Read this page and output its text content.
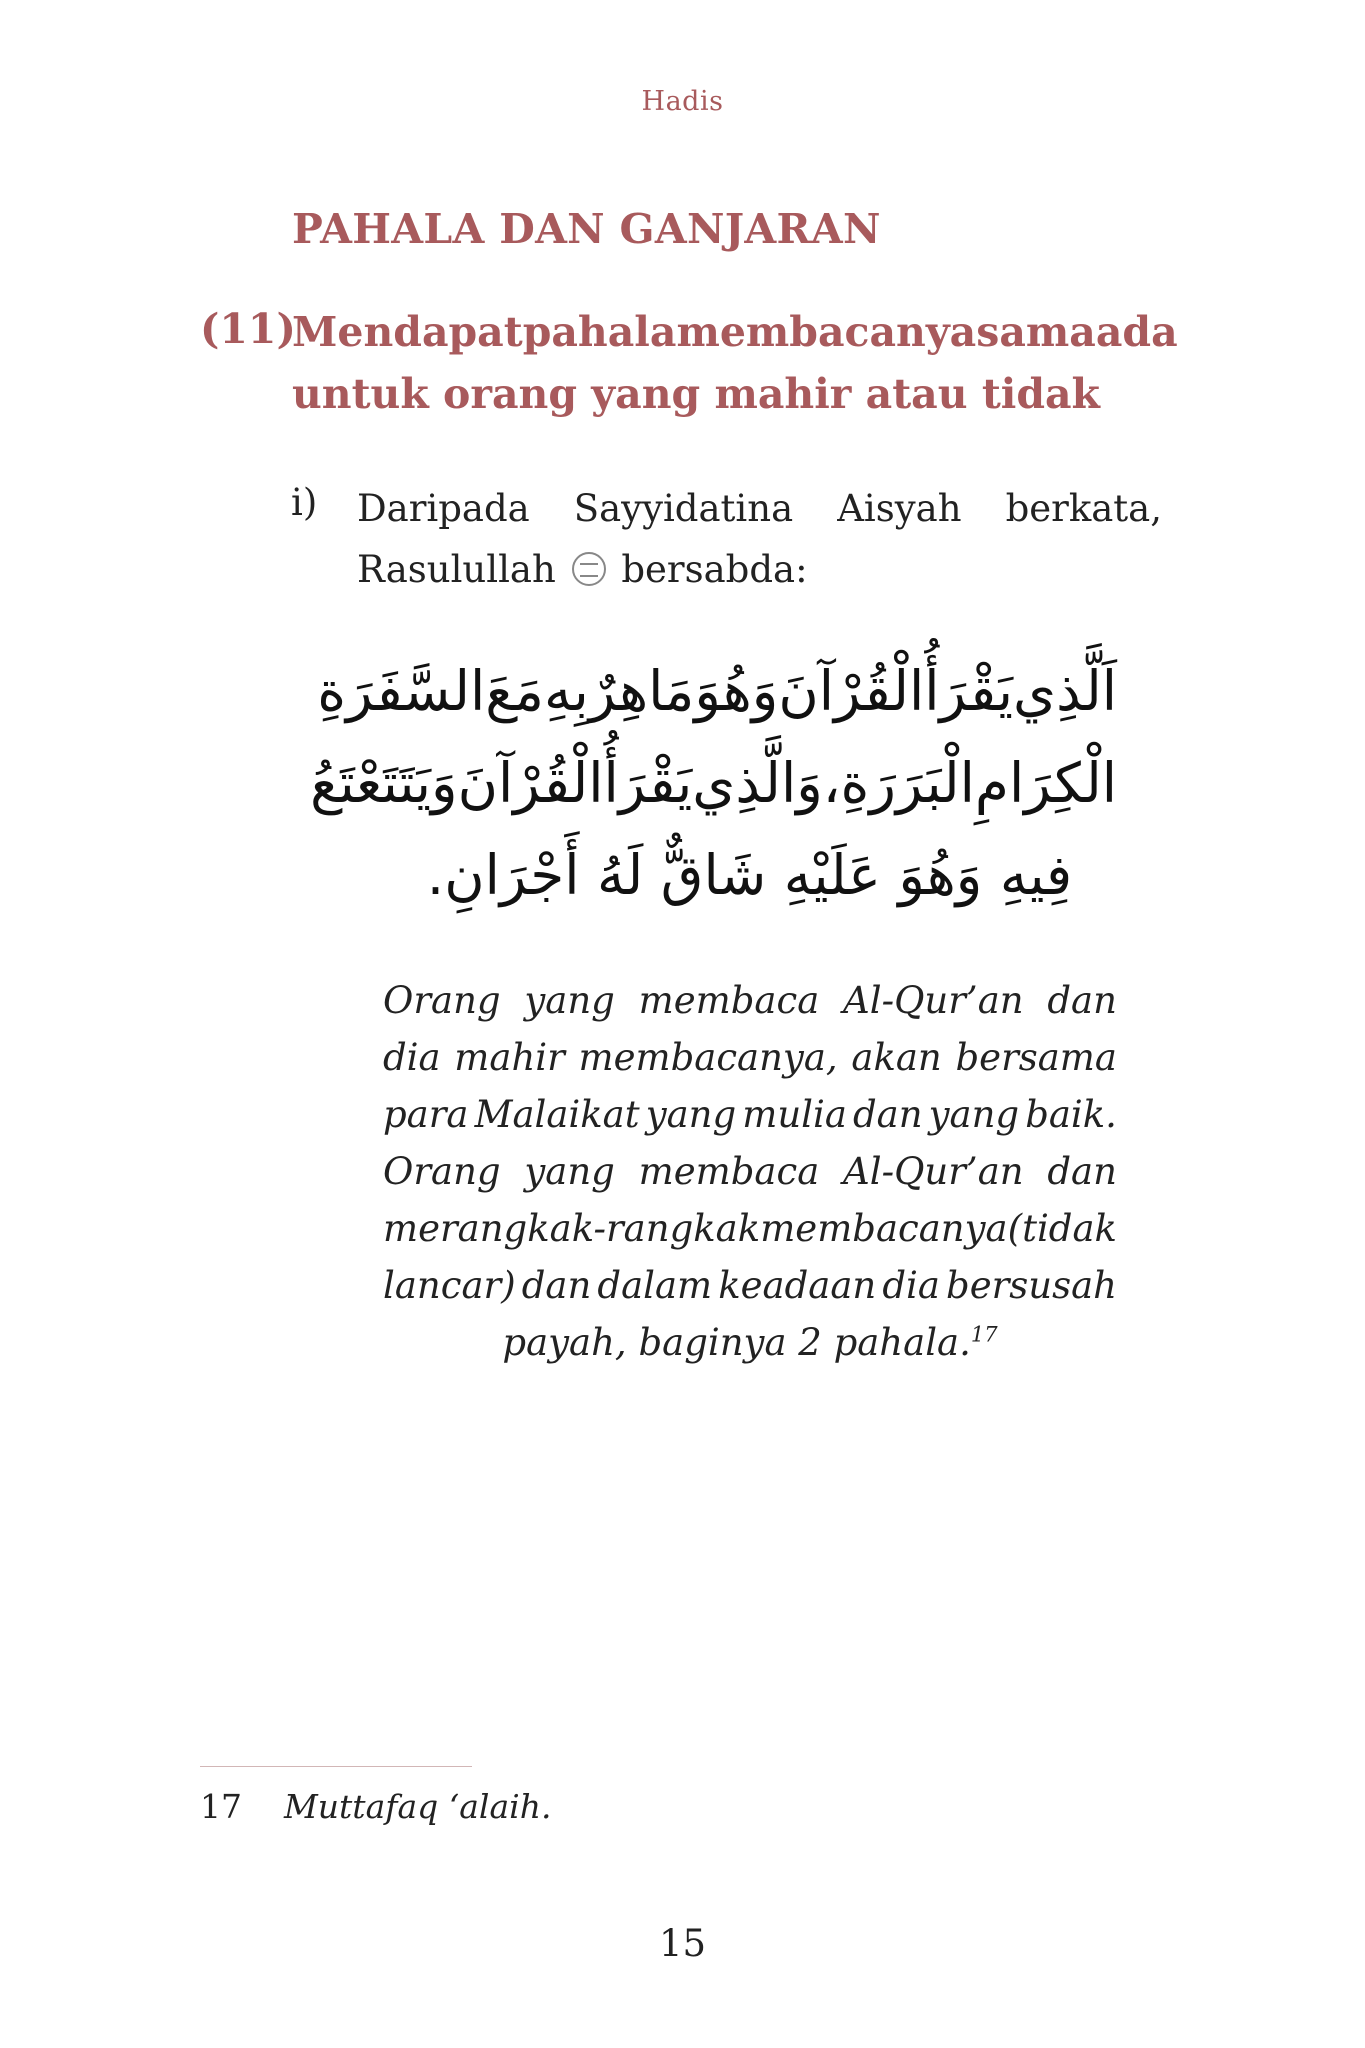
Hadis
PAHALA DAN GANJARAN
(11)
Mendapat pahala membacanya sama ada
untuk orang yang mahir atau tidak
i) Daripada Sayyidatina Aisyah berkata,
Rasulullah bersabda:
اَلَّذِي
يَقْرَأُ
الْقُرْآنَ
وَهُوَ
مَاهِرٌ
بِهِ
مَعَ
السَّفَرَةِ
الْكِرَامِ
الْبَرَرَةِ،
وَالَّذِي
يَقْرَأُ
الْقُرْآنَ
وَيَتَتَعْتَعُ
فِيهِ وَهُوَ عَلَيْهِ شَاقٌّ لَهُ أَجْرَانِ.
Orang yang membaca Al-Qur’an dan
dia mahir membacanya, akan bersama
para Malaikat yang mulia dan yang baik.
Orang yang membaca Al-Qur’an dan
merangkak-rangkak membacanya (tidak
lancar) dan dalam keadaan dia bersusah
payah, baginya 2 pahala.$^{17}$
17 Muttafaq ‘alaih.
15
